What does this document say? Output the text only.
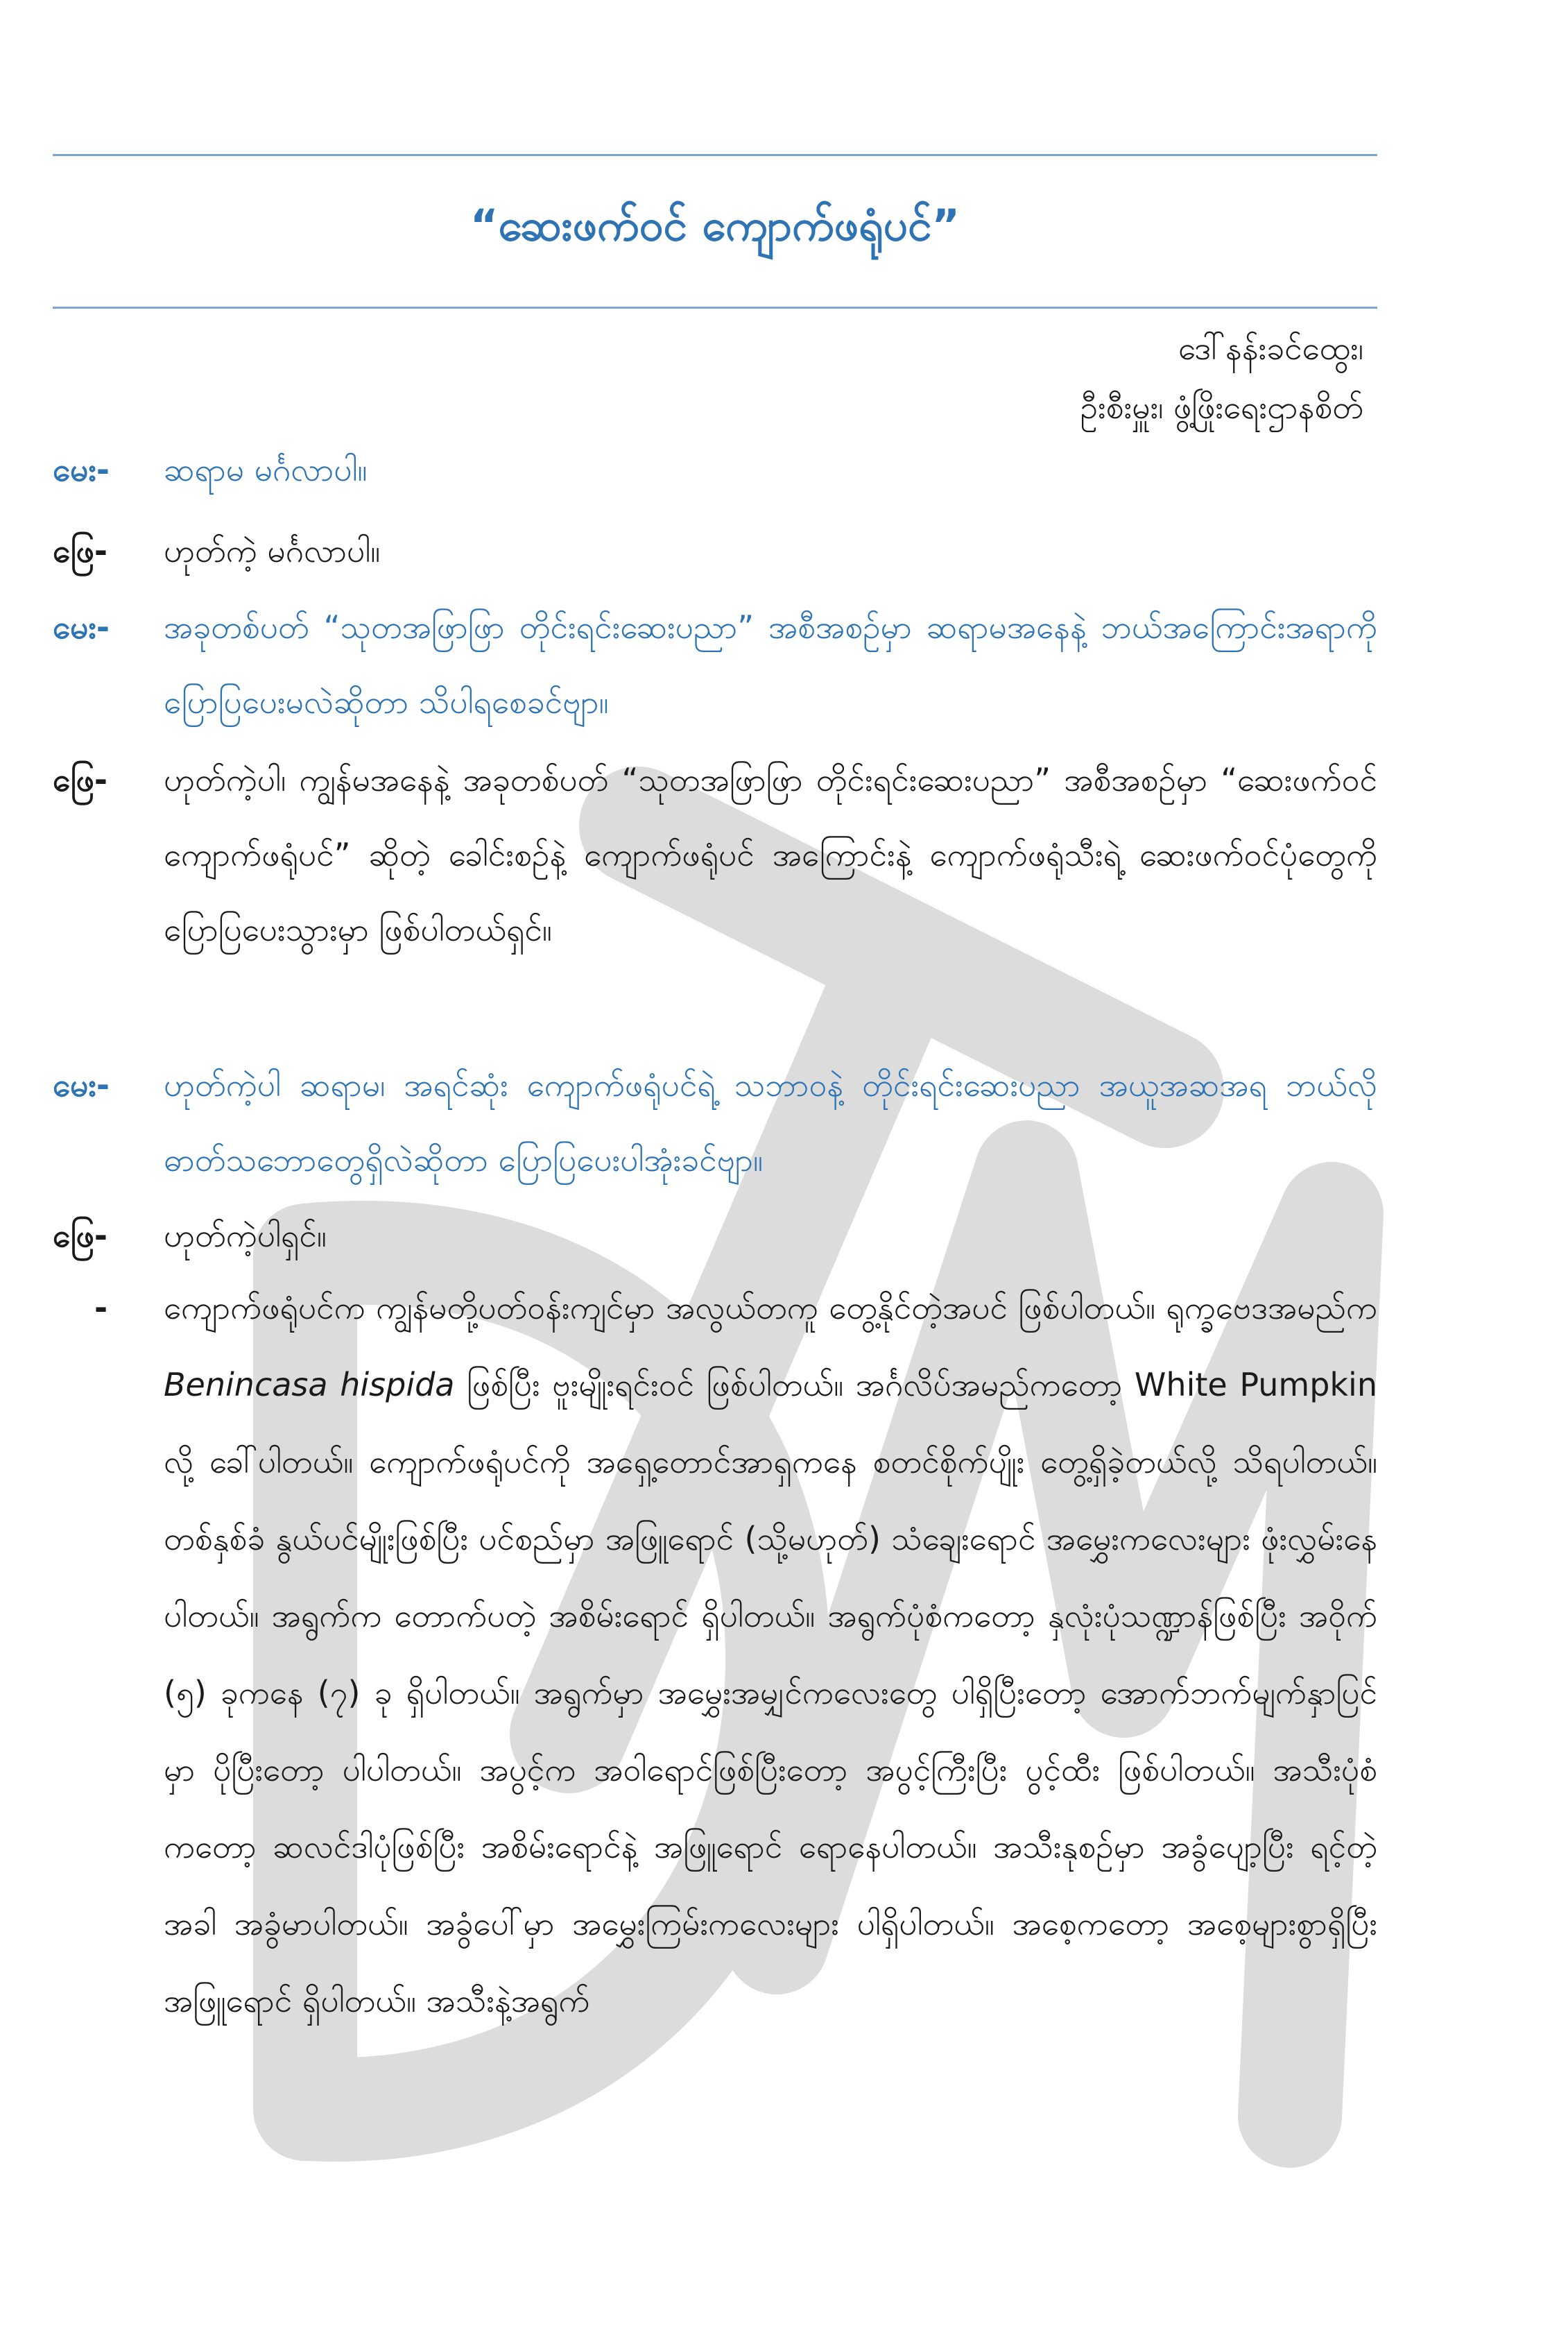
“ဆေးဖက်ဝင် ကျောက်ဖရုံပင်”
ဒေါ်နန်းခင်ထွေး၊
ဦးစီးမှူး၊ ဖွံ့ဖြိုးရေးဌာနစိတ်
မေး-	ဆရာမ မင်္ဂလာပါ။
ဖြေ-	ဟုတ်ကဲ့ မင်္ဂလာပါ။
မေး-	အခုတစ်ပတ် “သုတအဖြာဖြာ တိုင်းရင်းဆေးပညာ” အစီအစဉ်မှာ ဆရာမအနေနဲ့ ဘယ်အကြောင်းအရာကို ပြောပြပေးမလဲဆိုတာ သိပါရစေခင်ဗျာ။
ဖြေ-	ဟုတ်ကဲ့ပါ၊ ကျွန်မအနေနဲ့ အခုတစ်ပတ် “သုတအဖြာဖြာ တိုင်းရင်းဆေးပညာ” အစီအစဉ်မှာ “ဆေးဖက်ဝင် ကျောက်ဖရုံပင်” ဆိုတဲ့ ခေါင်းစဉ်နဲ့ ကျောက်ဖရုံပင် အကြောင်းနဲ့ ကျောက်ဖရုံသီးရဲ့ ဆေးဖက်ဝင်ပုံတွေကို ပြောပြပေးသွားမှာ ဖြစ်ပါတယ်ရှင်။
မေး-	ဟုတ်ကဲ့ပါ ဆရာမ၊ အရင်ဆုံး ကျောက်ဖရုံပင်ရဲ့ သဘာဝနဲ့ တိုင်းရင်းဆေးပညာ အယူအဆအရ ဘယ်လိုဓာတ်သဘောတွေရှိလဲဆိုတာ ပြောပြပေးပါအုံးခင်ဗျာ။
ဖြေ-	ဟုတ်ကဲ့ပါရှင်။
- ကျောက်ဖရုံပင်က ကျွန်မတို့ပတ်ဝန်းကျင်မှာ အလွယ်တကူ တွေ့နိုင်တဲ့အပင် ဖြစ်ပါတယ်။ ရုက္ခဗေဒအမည်က Benincasa hispida ဖြစ်ပြီး ဗူးမျိုးရင်းဝင် ဖြစ်ပါတယ်။ အင်္ဂလိပ်အမည်ကတော့ White Pumpkin လို့ ခေါ်ပါတယ်။ ကျောက်ဖရုံပင်ကို အရှေ့တောင်အာရှကနေ စတင်စိုက်ပျိုး တွေ့ရှိခဲ့တယ်လို့ သိရပါတယ်။ တစ်နှစ်ခံ နွယ်ပင်မျိုးဖြစ်ပြီး ပင်စည်မှာ အဖြူရောင် (သို့မဟုတ်) သံချေးရောင် အမွှေးကလေးများ ဖုံးလွှမ်းနေပါတယ်။ အရွက်က တောက်ပတဲ့ အစိမ်းရောင် ရှိပါတယ်။ အရွက်ပုံစံကတော့ နှလုံးပုံသဏ္ဍာန်ဖြစ်ပြီး အဝိုက် (၅) ခုကနေ (၇) ခု ရှိပါတယ်။ အရွက်မှာ အမွှေးအမျှင်ကလေးတွေ ပါရှိပြီးတော့ အောက်ဘက်မျက်နှာပြင်မှာ ပိုပြီးတော့ ပါပါတယ်။ အပွင့်က အဝါရောင်ဖြစ်ပြီးတော့ အပွင့်ကြီးပြီး ပွင့်ထီး ဖြစ်ပါတယ်။ အသီးပုံစံကတော့ ဆလင်ဒါပုံဖြစ်ပြီး အစိမ်းရောင်နဲ့ အဖြူရောင် ရောနေပါတယ်။ အသီးနုစဉ်မှာ အခွံပျော့ပြီး ရင့်တဲ့အခါ အခွံမာပါတယ်။ အခွံပေါ်မှာ အမွှေးကြမ်းကလေးများ ပါရှိပါတယ်။ အစေ့ကတော့ အစေ့များစွာရှိပြီး အဖြူရောင် ရှိပါတယ်။ အသီးနဲ့အရွက်
